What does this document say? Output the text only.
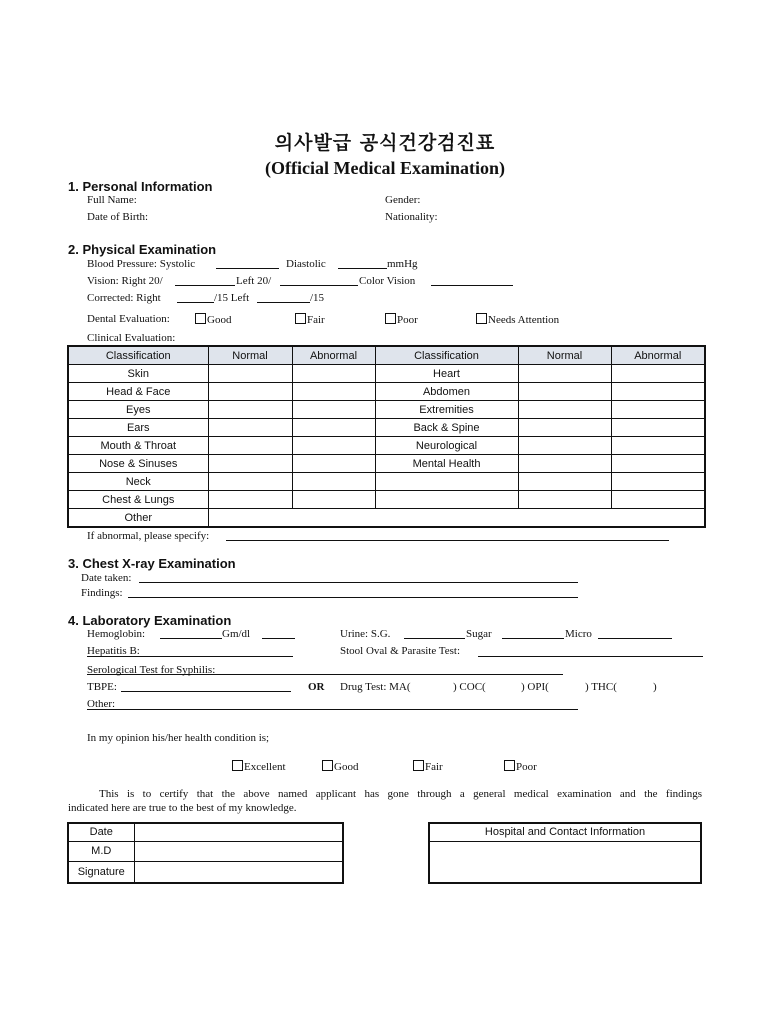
의사발급 공식건강검진표
(Official Medical Examination)
1. Personal Information
Full Name:	Gender:
Date of Birth:	Nationality:
2. Physical Examination
Blood Pressure: Systolic	Diastolic	mmHg
Vision: Right 20/	Left 20/	Color Vision
Corrected: Right	/15 Left	/15
Dental Evaluation:	Good	Fair	Poor	Needs Attention
Clinical Evaluation:
Classification	Normal	Abnormal	Classification	Normal	Abnormal
Skin			Heart		
Head & Face			Abdomen		
Eyes			Extremities		
Ears			Back & Spine		
Mouth & Throat			Neurological		
Nose & Sinuses			Mental Health		
Neck					
Chest & Lungs					
Other					
If abnormal, please specify:
3. Chest X-ray Examination
Date taken:
Findings:
4. Laboratory Examination
Hemoglobin:	Gm/dl	Urine: S.G.	Sugar	Micro
Hepatitis B:	Stool Oval & Parasite Test:
Serological Test for Syphilis:
TBPE:	OR Drug Test: MA(	) COC(	) OPI(	) THC(	)
Other:
In my opinion his/her health condition is;
Excellent	Good	Fair	Poor
This is to certify that the above named applicant has gone through a general medical examination and the findings
indicated here are true to the best of my knowledge.
Date	
M.D	
Signature	
Hospital and Contact Information
